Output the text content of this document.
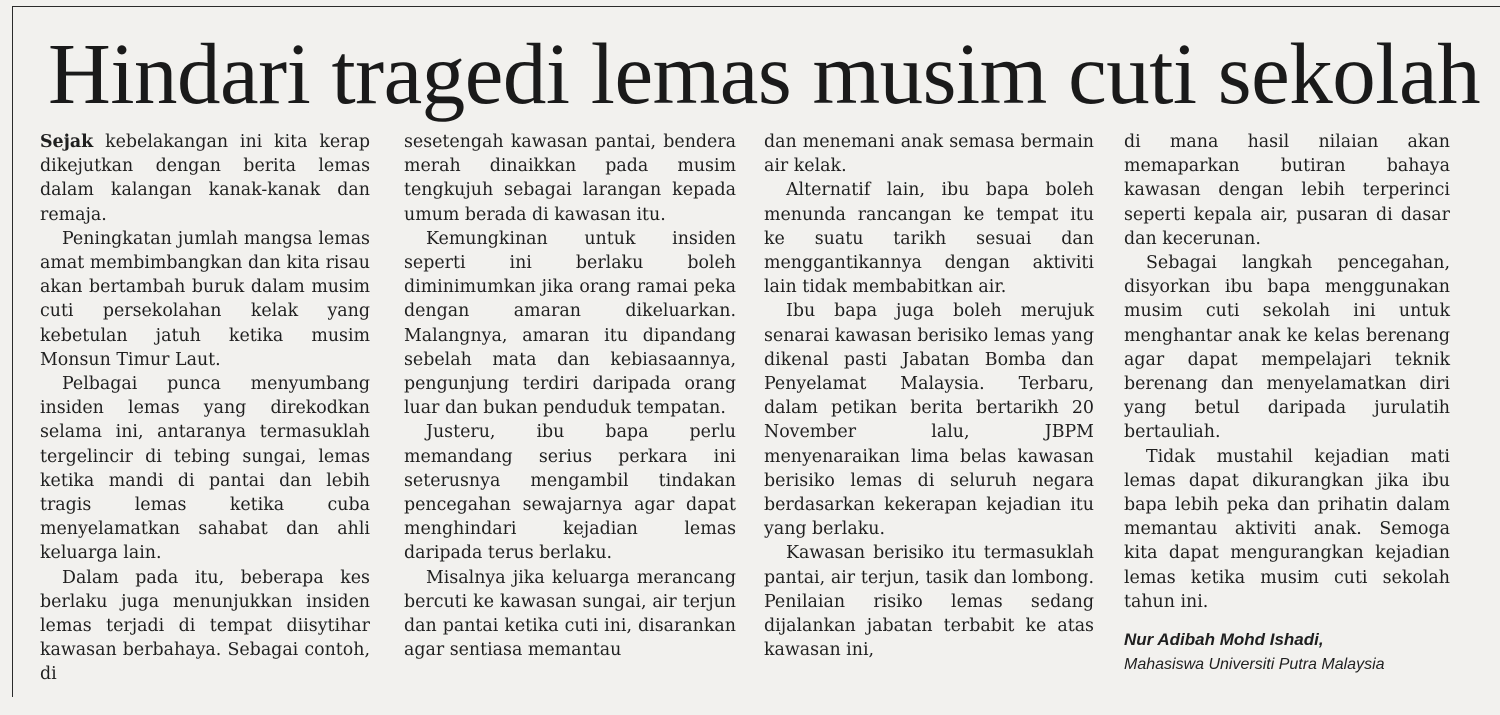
Hindari tragedi lemas musim cuti sekolah

Sejak kebelakangan ini kita kerap dikejutkan dengan berita lemas dalam kalangan kanak-kanak dan remaja.

Peningkatan jumlah mangsa lemas amat membimbangkan dan kita risau akan bertambah buruk dalam musim cuti persekolahan kelak yang kebetulan jatuh ketika musim Monsun Timur Laut.

Pelbagai punca menyumbang insiden lemas yang direkodkan selama ini, antaranya termasuklah tergelincir di tebing sungai, lemas ketika mandi di pantai dan lebih tragis lemas ketika cuba menyelamatkan sahabat dan ahli keluarga lain.

Dalam pada itu, beberapa kes berlaku juga menunjukkan insiden lemas terjadi di tempat diisytihar kawasan berbahaya. Sebagai contoh, di

sesetengah kawasan pantai, bendera merah dinaikkan pada musim tengkujuh sebagai larangan kepada umum berada di kawasan itu.

Kemungkinan untuk insiden seperti ini berlaku boleh diminimumkan jika orang ramai peka dengan amaran dikeluarkan. Malangnya, amaran itu dipandang sebelah mata dan kebiasaannya, pengunjung terdiri daripada orang luar dan bukan penduduk tempatan.

Justeru, ibu bapa perlu memandang serius perkara ini seterusnya mengambil tindakan pencegahan sewajarnya agar dapat menghindari kejadian lemas daripada terus berlaku.

Misalnya jika keluarga merancang bercuti ke kawasan sungai, air terjun dan pantai ketika cuti ini, disarankan agar sentiasa memantau

dan menemani anak semasa bermain air kelak.

Alternatif lain, ibu bapa boleh menunda rancangan ke tempat itu ke suatu tarikh sesuai dan menggantikannya dengan aktiviti lain tidak membabitkan air.

Ibu bapa juga boleh merujuk senarai kawasan berisiko lemas yang dikenal pasti Jabatan Bomba dan Penyelamat Malaysia. Terbaru, dalam petikan berita bertarikh 20 November lalu, JBPM menyenaraikan lima belas kawasan berisiko lemas di seluruh negara berdasarkan kekerapan kejadian itu yang berlaku.

Kawasan berisiko itu termasuklah pantai, air terjun, tasik dan lombong. Penilaian risiko lemas sedang dijalankan jabatan terbabit ke atas kawasan ini,

di mana hasil nilaian akan memaparkan butiran bahaya kawasan dengan lebih terperinci seperti kepala air, pusaran di dasar dan kecerunan.

Sebagai langkah pencegahan, disyorkan ibu bapa menggunakan musim cuti sekolah ini untuk menghantar anak ke kelas berenang agar dapat mempelajari teknik berenang dan menyelamatkan diri yang betul daripada jurulatih bertauliah.

Tidak mustahil kejadian mati lemas dapat dikurangkan jika ibu bapa lebih peka dan prihatin dalam memantau aktiviti anak. Semoga kita dapat mengurangkan kejadian lemas ketika musim cuti sekolah tahun ini.

Nur Adibah Mohd Ishadi,
Mahasiswa Universiti Putra Malaysia
